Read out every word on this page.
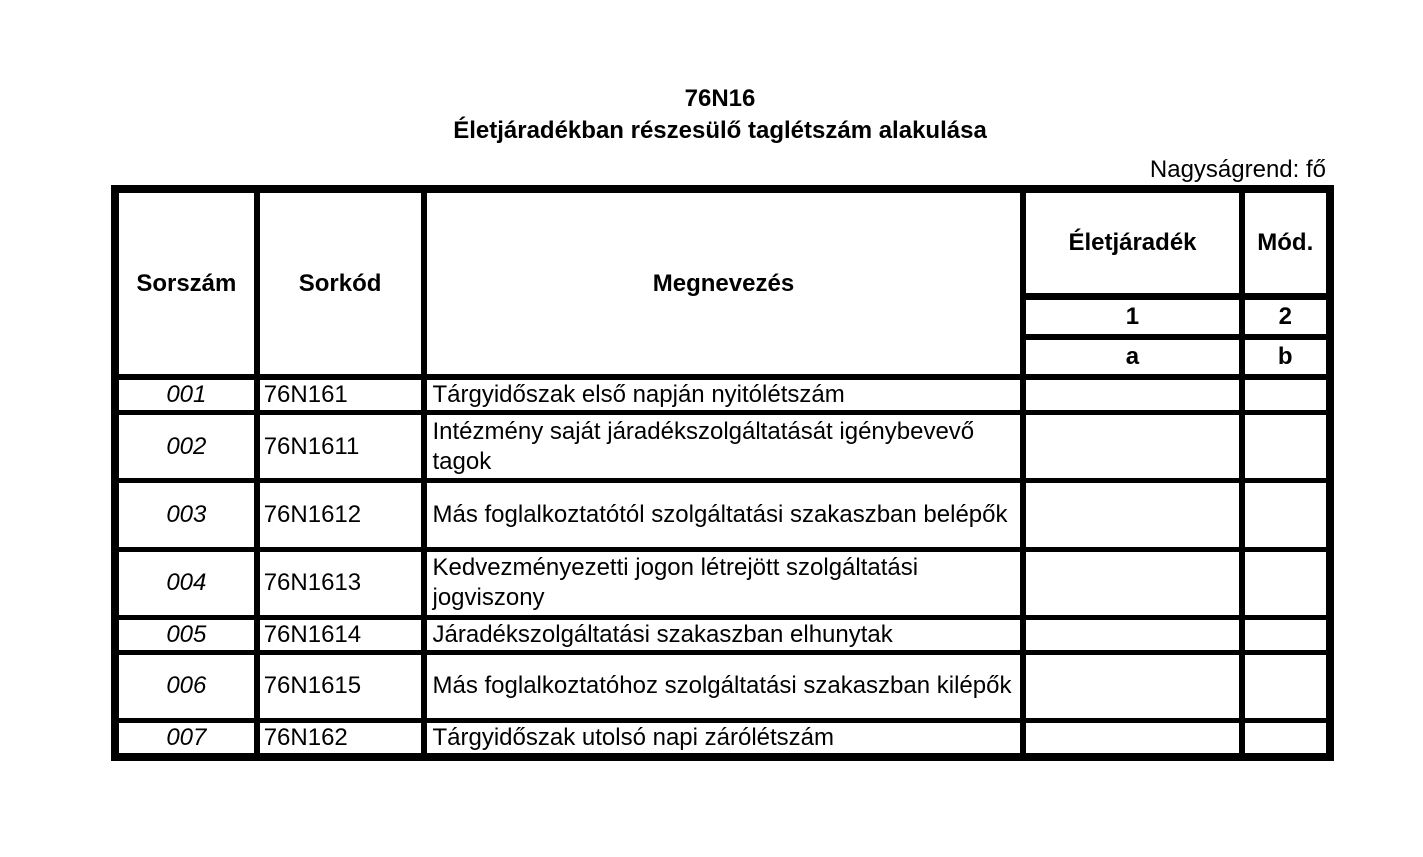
76N16
Életjáradékban részesülő taglétszám alakulása
Nagyságrend: fő
Sorszám	Sorkód	Megnevezés	Életjáradék	Mód.
			1	2
			a	b
001	76N161	Tárgyidőszak első napján nyitólétszám		
002	76N1611	Intézmény saját járadékszolgáltatását igénybevevő tagok		
003	76N1612	Más foglalkoztatótól szolgáltatási szakaszban belépők		
004	76N1613	Kedvezményezetti jogon létrejött szolgáltatási jogviszony		
005	76N1614	Járadékszolgáltatási szakaszban elhunytak		
006	76N1615	Más foglalkoztatóhoz szolgáltatási szakaszban kilépők		
007	76N162	Tárgyidőszak utolsó napi zárólétszám		
